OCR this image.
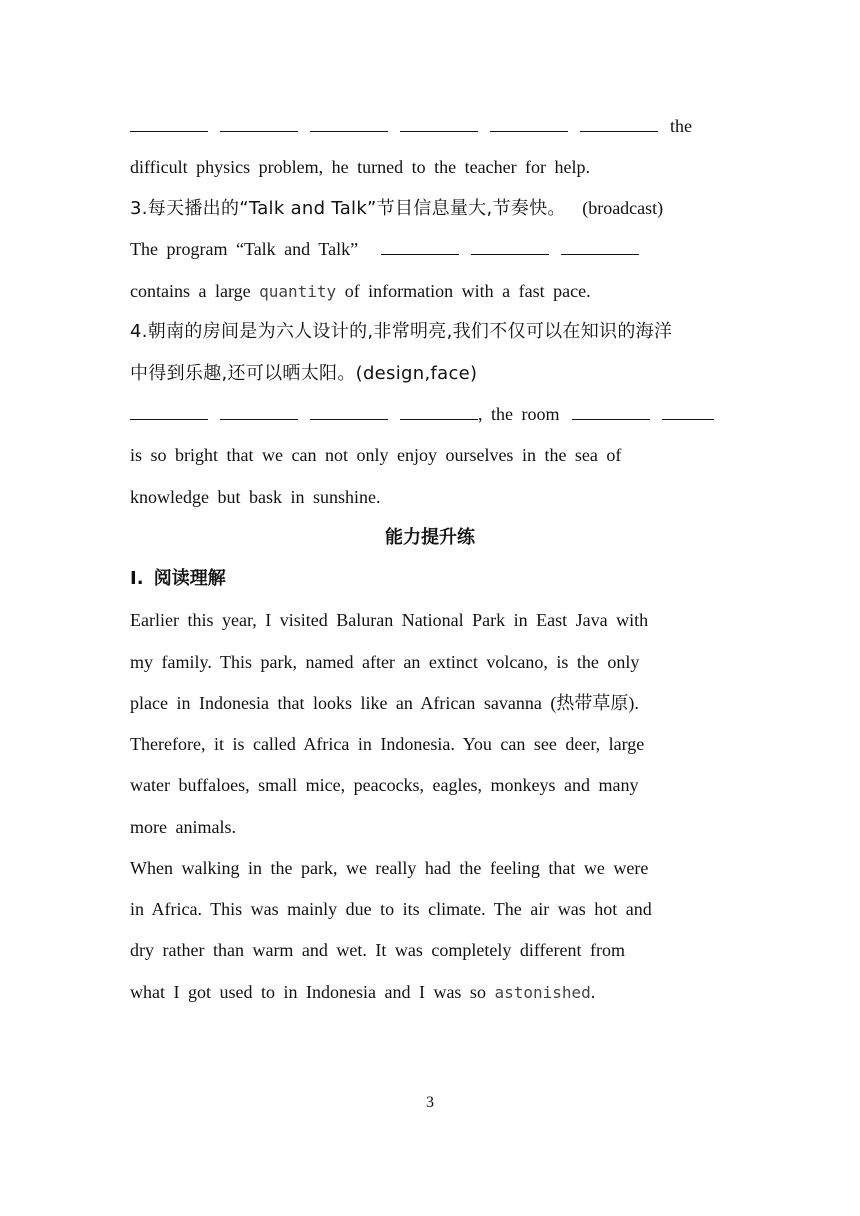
the
difficult physics problem, he turned to the teacher for help.
3.每天播出的“Talk and Talk”节目信息量大,节奏快。 (broadcast)
The program “Talk and Talk”
contains a large quantity of information with a fast pace.
4.朝南的房间是为六人设计的,非常明亮,我们不仅可以在知识的海洋
中得到乐趣,还可以晒太阳。(design,face)
, the room
is so bright that we can not only enjoy ourselves in the sea of
knowledge but bask in sunshine.
能力提升练
Ⅰ. 阅读理解
Earlier this year, I visited Baluran National Park in East Java with
my family. This park, named after an extinct volcano, is the only
place in Indonesia that looks like an African savanna (热带草原).
Therefore, it is called Africa in Indonesia. You can see deer, large
water buffaloes, small mice, peacocks, eagles, monkeys and many
more animals.
When walking in the park, we really had the feeling that we were
in Africa. This was mainly due to its climate. The air was hot and
dry rather than warm and wet. It was completely different from
what I got used to in Indonesia and I was so astonished.
3
